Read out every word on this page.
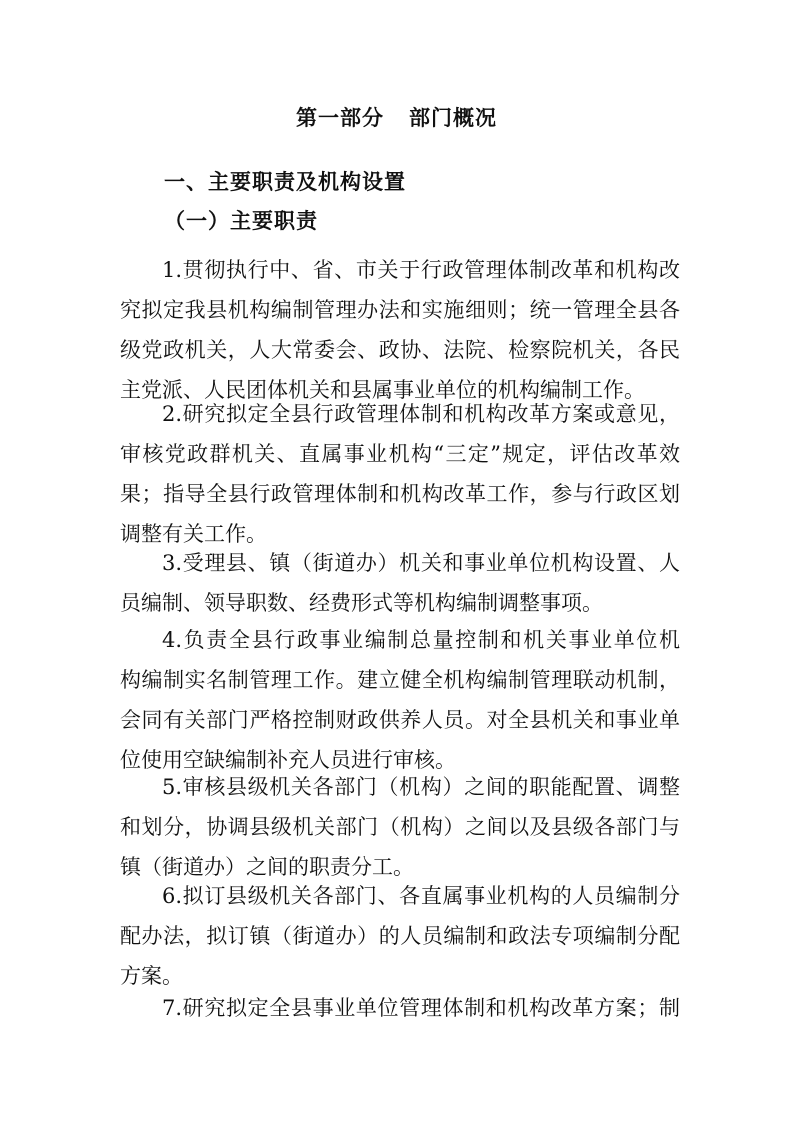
第一部分   部门概况
一、主要职责及机构设置
（一）主要职责
1.贯彻执行中、省、市关于行政管理体制改革和机构改
究拟定我县机构编制管理办法和实施细则；统一管理全县各
级党政机关，人大常委会、政协、法院、检察院机关，各民
主党派、人民团体机关和县属事业单位的机构编制工作。
2.研究拟定全县行政管理体制和机构改革方案或意见，
审核党政群机关、直属事业机构“三定”规定，评估改革效
果；指导全县行政管理体制和机构改革工作，参与行政区划
调整有关工作。
3.受理县、镇（街道办）机关和事业单位机构设置、人
员编制、领导职数、经费形式等机构编制调整事项。
4.负责全县行政事业编制总量控制和机关事业单位机
构编制实名制管理工作。建立健全机构编制管理联动机制，
会同有关部门严格控制财政供养人员。对全县机关和事业单
位使用空缺编制补充人员进行审核。
5.审核县级机关各部门（机构）之间的职能配置、调整
和划分，协调县级机关部门（机构）之间以及县级各部门与
镇（街道办）之间的职责分工。
6.拟订县级机关各部门、各直属事业机构的人员编制分
配办法，拟订镇（街道办）的人员编制和政法专项编制分配
方案。
7.研究拟定全县事业单位管理体制和机构改革方案；制
